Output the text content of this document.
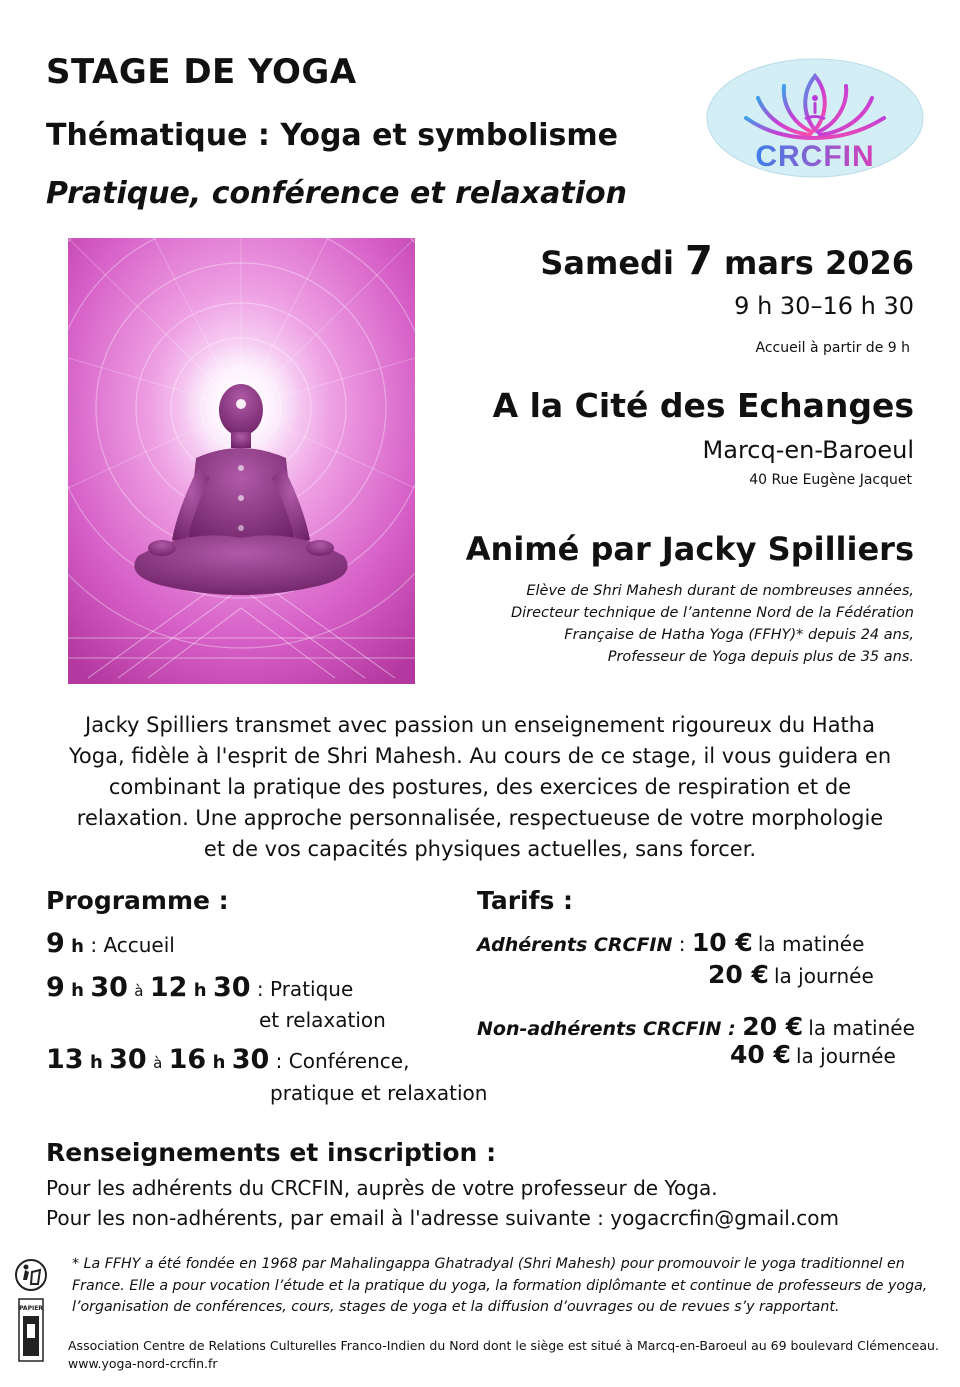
STAGE DE YOGA
Thématique : Yoga et symbolisme
Pratique, conférence et relaxation
CRCFIN
Samedi 7 mars 2026
9 h 30–16 h 30
Accueil à partir de 9 h
A la Cité des Echanges
Marcq-en-Baroeul
40 Rue Eugène Jacquet
Animé par Jacky Spilliers
Elève de Shri Mahesh durant de nombreuses années,
Directeur technique de l’antenne Nord de la Fédération
Française de Hatha Yoga (FFHY)* depuis 24 ans,
Professeur de Yoga depuis plus de 35 ans.
Jacky Spilliers transmet avec passion un enseignement rigoureux du Hatha
Yoga, fidèle à l'esprit de Shri Mahesh. Au cours de ce stage, il vous guidera en
combinant la pratique des postures, des exercices de respiration et de
relaxation. Une approche personnalisée, respectueuse de votre morphologie
et de vos capacités physiques actuelles, sans forcer.
Programme :
9 h : Accueil
9 h 30 à 12 h 30 : Pratique
et relaxation
13 h 30 à 16 h 30 : Conférence,
pratique et relaxation
Tarifs :
Adhérents CRCFIN : 10 € la matinée
20 € la journée
Non-adhérents CRCFIN : 20 € la matinée
40 € la journée
Renseignements et inscription :
Pour les adhérents du CRCFIN, auprès de votre professeur de Yoga.
Pour les non-adhérents, par email à l'adresse suivante : yogacrcfin@gmail.com
* La FFHY a été fondée en 1968 par Mahalingappa Ghatradyal (Shri Mahesh) pour promouvoir le yoga traditionnel en
France. Elle a pour vocation l’étude et la pratique du yoga, la formation diplômante et continue de professeurs de yoga,
l’organisation de conférences, cours, stages de yoga et la diffusion d’ouvrages ou de revues s’y rapportant.
PAPIER
Association Centre de Relations Culturelles Franco-Indien du Nord dont le siège est situé à Marcq-en-Baroeul au 69 boulevard Clémenceau.
www.yoga-nord-crcfin.fr
